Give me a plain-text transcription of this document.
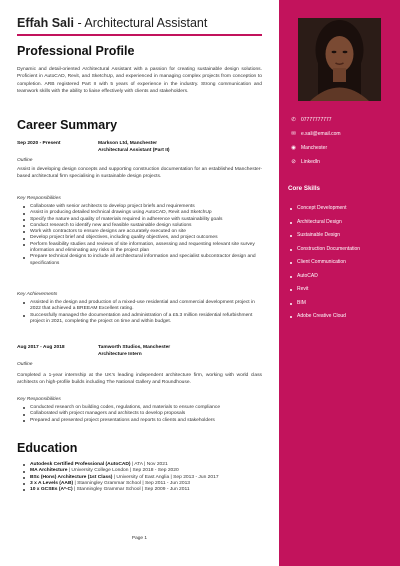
Effah Sali - Architectural Assistant
Professional Profile
Dynamic and detail-oriented Architectural Assistant with a passion for creating sustainable design solutions. Proficient in AutoCAD, Revit, and SketchUp, and experienced in managing complex projects from conception to completion. ARB registered Part II with 5 years of experience in the industry. Strong communication and teamwork skills with the ability to liaise effectively with clients and stakeholders.
Career Summary
Sep 2020 - Present	Markson Ltd, Manchester
Architectural Assistant (Part II)
Outline
Assist in developing design concepts and supporting construction documentation for an established Manchester-based architectural firm specialising in sustainable design projects.
Key Responsibilities
Collaborate with senior architects to develop project briefs and requirements
Assist in producing detailed technical drawings using AutoCAD, Revit and SketchUp
Specify the nature and quality of materials required in adherence with sustainability goals
Conduct research to identify new and feasible sustainable design solutions
Work with contractors to ensure designs are accurately executed on site
Develop project brief and objectives, including quality objectives, and project outcomes
Perform feasibility studies and reviews of site information, assessing and requesting relevant site survey information and eliminating any risks in the project plan
Prepare technical designs to include all architectural information and specialist subcontractor design and specifications
Key Achievements
Assisted in the design and production of a mixed-use residential and commercial development project in 2022 that achieved a BREEAM Excellent rating.
Successfully managed the documentation and administration of a £5.3 million residential refurbishment project in 2021, completing the project on time and within budget.
Aug 2017 - Aug 2018	Tamworth Studios, Manchester
Architecture Intern
Outline
Completed a 1-year internship at the UK's leading independent architecture firm, working with world class architects on high-profile builds including The National Gallery and Roundhouse.
Key Responsibilities
Conducted research on building codes, regulations, and materials to ensure compliance
Collaborated with project managers and architects to develop proposals
Prepared and presented project presentations and reports to clients and stakeholders
Education
Autodesk Certified Professional (AutoCAD) | ATA | Nov 2021
MA Architecture | University College London | Sep 2018 - Sep 2020
BSc (Hons) Architecture (1st Class) | University of East Anglia | Sep 2013 - Jun 2017
3 x A Levels (AAB) | Stanningley Grammar School | Sep 2011 - Jun 2013
10 x GCSEs (A*-C) | Stanningley Grammar School | Sep 2009 - Jun 2011
Page 1
✆ 07777777777
✉ e.sali@email.com
◉ Manchester
⊘ LinkedIn
Core Skills
Concept Development
Architectural Design
Sustainable Design
Construction Documentation
Client Communication
AutoCAD
Revit
BIM
Adobe Creative Cloud
